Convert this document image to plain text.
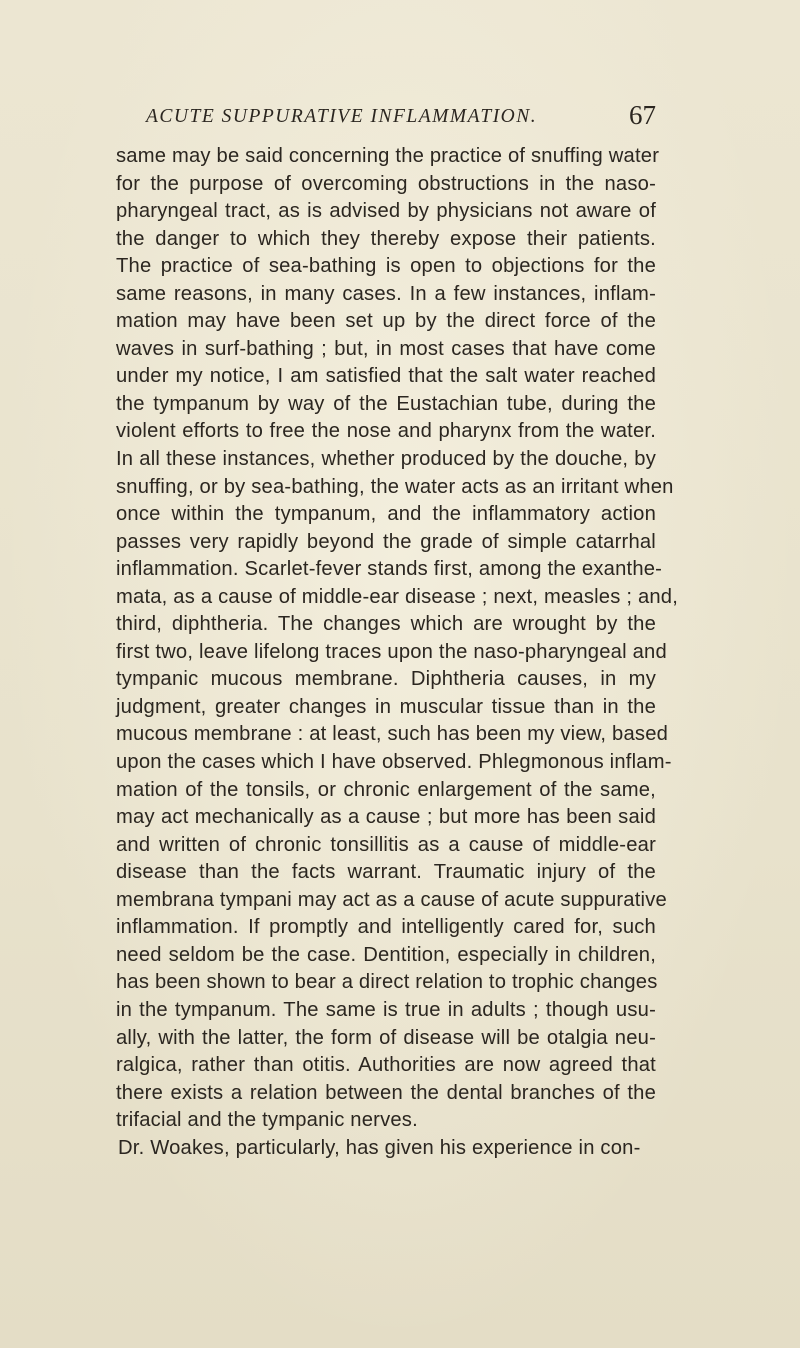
ACUTE SUPPURATIVE INFLAMMATION.	67
same may be said concerning the practice of snuffing water
for the purpose of overcoming obstructions in the naso-
pharyngeal tract, as is advised by physicians not aware of
the danger to which they thereby expose their patients.
The practice of sea-bathing is open to objections for the
same reasons, in many cases. In a few instances, inflam-
mation may have been set up by the direct force of the
waves in surf-bathing ; but, in most cases that have come
under my notice, I am satisfied that the salt water reached
the tympanum by way of the Eustachian tube, during the
violent efforts to free the nose and pharynx from the water.
In all these instances, whether produced by the douche, by
snuffing, or by sea-bathing, the water acts as an irritant when
once within the tympanum, and the inflammatory action
passes very rapidly beyond the grade of simple catarrhal
inflammation. Scarlet-fever stands first, among the exanthe-
mata, as a cause of middle-ear disease ; next, measles ; and,
third, diphtheria. The changes which are wrought by the
first two, leave lifelong traces upon the naso-pharyngeal and
tympanic mucous membrane. Diphtheria causes, in my
judgment, greater changes in muscular tissue than in the
mucous membrane : at least, such has been my view, based
upon the cases which I have observed. Phlegmonous inflam-
mation of the tonsils, or chronic enlargement of the same,
may act mechanically as a cause ; but more has been said
and written of chronic tonsillitis as a cause of middle-ear
disease than the facts warrant. Traumatic injury of the
membrana tympani may act as a cause of acute suppurative
inflammation. If promptly and intelligently cared for, such
need seldom be the case. Dentition, especially in children,
has been shown to bear a direct relation to trophic changes
in the tympanum. The same is true in adults ; though usu-
ally, with the latter, the form of disease will be otalgia neu-
ralgica, rather than otitis. Authorities are now agreed that
there exists a relation between the dental branches of the
trifacial and the tympanic nerves.
Dr. Woakes, particularly, has given his experience in con-
